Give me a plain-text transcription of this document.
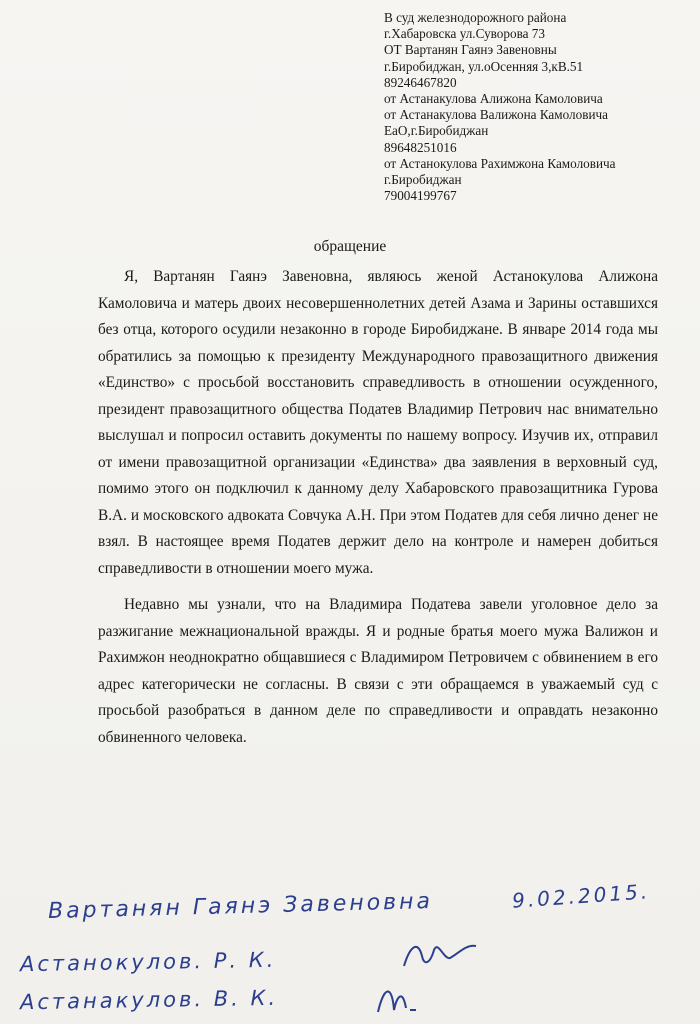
В суд железнодорожного района
г.Хабаровска ул.Суворова 73
ОТ Вартанян Гаянэ Завеновны
г.Биробиджан, ул.оОсенняя 3,кВ.51
89246467820
от Астанакулова Алижона Камоловича
от Астанакулова Валижона Камоловича
ЕаО,г.Биробиджан
89648251016
от Астанокулова Рахимжона Камоловича
г.Биробиджан
79004199767
обращение

Я, Вартанян Гаянэ Завеновна, являюсь женой Астанокулова Алижона Камоловича и матерь двоих несовершеннолетних детей Азама и Зарины оставшихся без отца, которого осудили незаконно в городе Биробиджане. В январе 2014 года мы обратились за помощью к президенту Международного правозащитного движения «Единство» с просьбой восстановить справедливость в отношении осужденного, президент правозащитного общества Податев Владимир Петрович нас внимательно выслушал и попросил оставить документы по нашему вопросу. Изучив их, отправил от имени правозащитной организации «Единства» два заявления в верховный суд, помимо этого он подключил к данному делу Хабаровского правозащитника Гурова В.А. и московского адвоката Совчука А.Н. При этом Податев для себя лично денег не взял. В настоящее время Податев держит дело на контроле и намерен добиться справедливости в отношении моего мужа.

Недавно мы узнали, что на Владимира Податева завели уголовное дело за разжигание межнациональной вражды. Я и родные братья моего мужа Валижон и Рахимжон неоднократно общавшиеся с Владимиром Петровичем с обвинением в его адрес категорически не согласны. В связи с эти обращаемся в уважаемый суд с просьбой разобраться в данном деле по справедливости и оправдать незаконно обвиненного человека.

Вартанян Гаянэ Завеновна	9.02.2015.
Астанокулов. Р. К.
Астанакулов. В. К.
